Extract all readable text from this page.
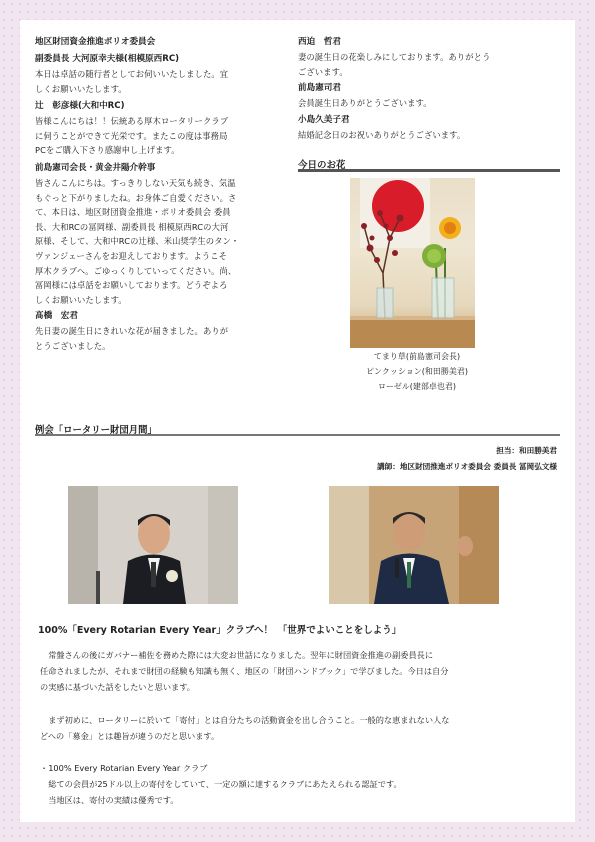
地区財団資金推進ポリオ委員会
副委員長 大河原幸夫様(相模原西RC)
本日は卓話の随行者としてお伺いいたしました。宜
しくお願いいたします。
辻　彰彦様(大和中RC)
皆様こんにちは！！伝統ある厚木ロータリークラブ
に伺うことができて光栄です。またこの度は事務局
PCをご購入下さり感謝申し上げます。
前島憲司会長・黄金井陽介幹事
皆さんこんにちは。すっきりしない天気も続き、気温
もぐっと下がりましたね。お身体ご自愛ください。さ
て、本日は、地区財団資金推進・ポリオ委員会 委員
長、大和RCの冨岡様、副委員長 相模原西RCの大河
原様、そして、大和中RCの辻様、米山奨学生のタン・
ヴァンジェーさんをお迎えしております。ようこそ
厚木クラブへ。ごゆっくりしていってください。尚、
冨岡様には卓話をお願いしております。どうぞよろ
しくお願いいたします。
髙橋　宏君
先日妻の誕生日にきれいな花が届きました。ありが
とうございました。
西迫　哲君
妻の誕生日の花楽しみにしております。ありがとう
ございます。
前島憲司君
会員誕生日ありがとうございます。
小島久美子君
結婚記念日のお祝いありがとうございます。
今日のお花
てまり草(前島憲司会長)
ピンクッション(和田勝美君)
ローゼル(建部卓也君)
例会「ロータリー財団月間」
担当：和田勝美君
講師：地区財団推進ポリオ委員会 委員長 冨岡弘文様
100%「Every Rotarian Every Year」クラブへ！　「世界でよいことをしよう」
　常盤さんの後にガバナー補佐を務めた際には大変お世話になりました。翌年に財団資金推進の副委員長に
任命されましたが、それまで財団の経験も知識も無く、地区の「財団ハンドブック」で学びました。今日は自分
の実感に基づいた話をしたいと思います。
　まず初めに、ロータリーに於いて「寄付」とは自分たちの活動資金を出し合うこと。一般的な恵まれない人な
どへの「募金」とは趣旨が違うのだと思います。
・100% Every Rotarian Every Year クラブ
　総ての会員が25ドル以上の寄付をしていて、一定の額に達するクラブにあたえられる認証です。
　当地区は、寄付の実績は優秀です。
